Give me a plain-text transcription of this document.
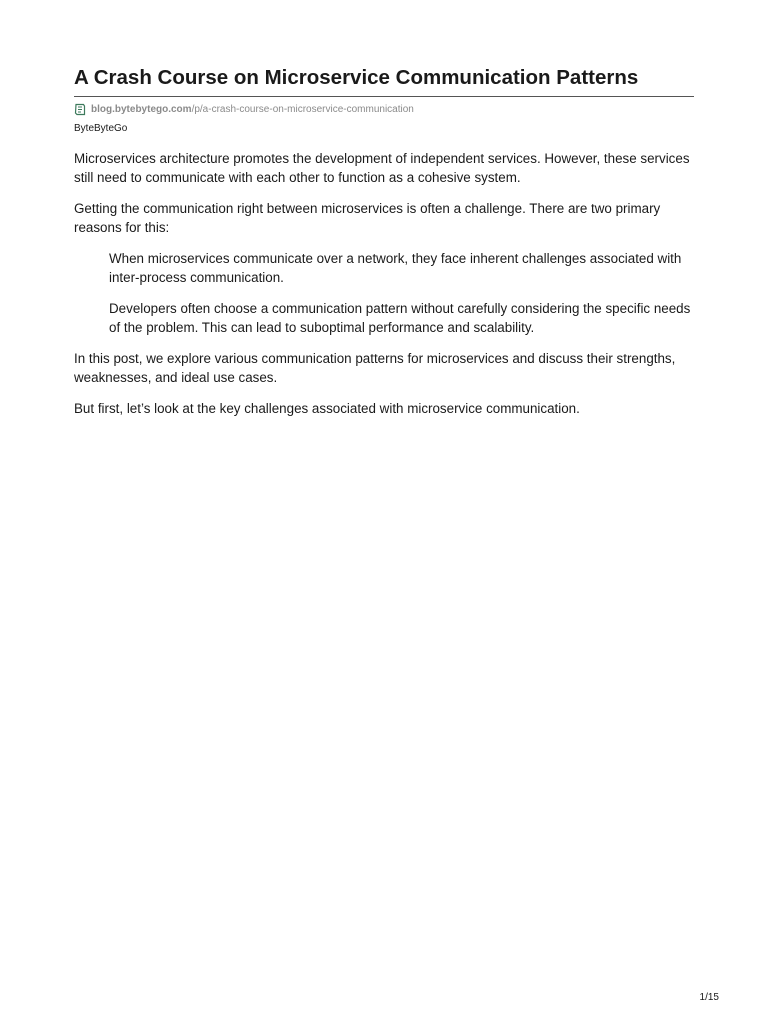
A Crash Course on Microservice Communication Patterns
blog.bytebytego.com /p/a-crash-course-on-microservice-communication
ByteByteGo

Microservices architecture promotes the development of independent services. However, these services still need to communicate with each other to function as a cohesive system.

Getting the communication right between microservices is often a challenge. There are two primary reasons for this:

When microservices communicate over a network, they face inherent challenges associated with inter-process communication.

Developers often choose a communication pattern without carefully considering the specific needs of the problem. This can lead to suboptimal performance and scalability.

In this post, we explore various communication patterns for microservices and discuss their strengths, weaknesses, and ideal use cases.

But first, let’s look at the key challenges associated with microservice communication.

1/15
